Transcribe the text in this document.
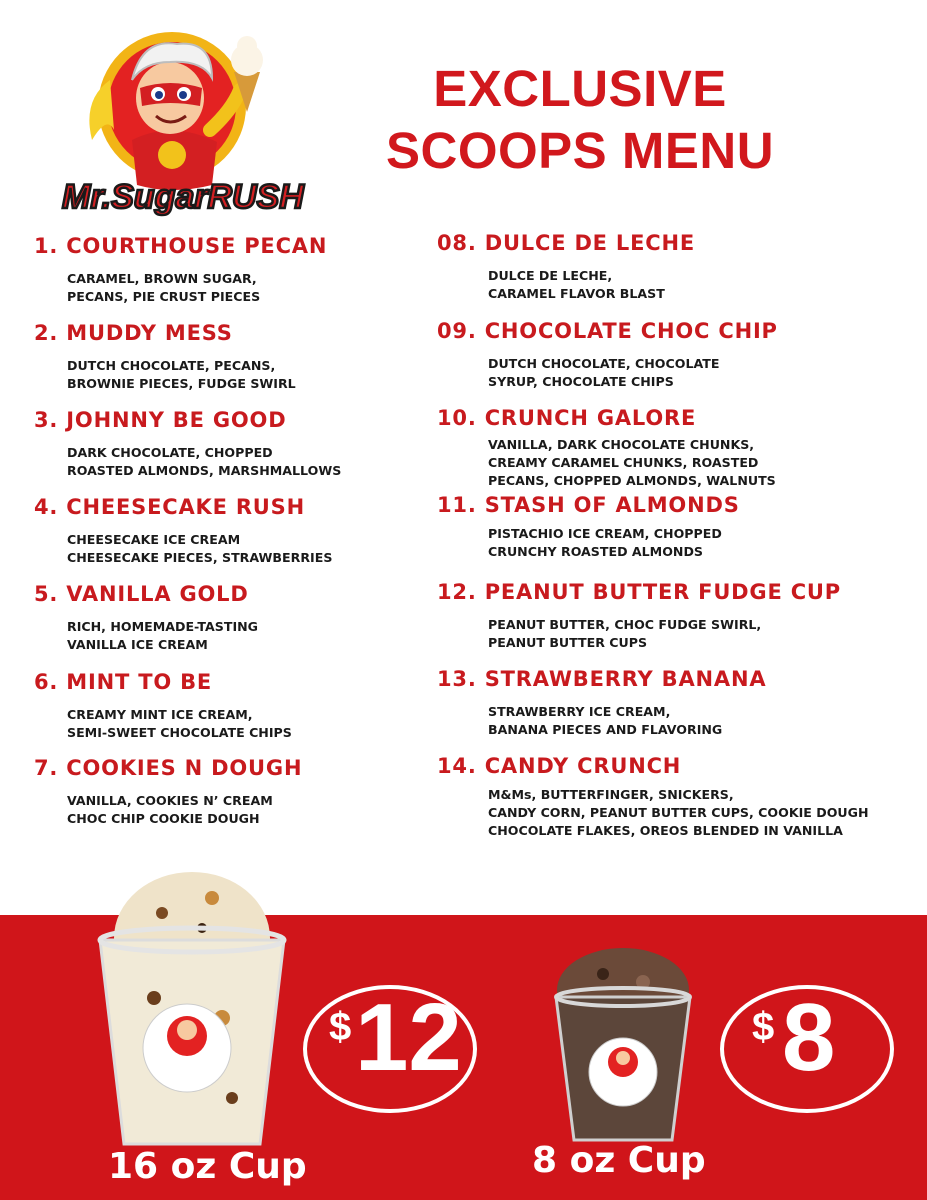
Mr.SugarRUSH
EXCLUSIVE
SCOOPS MENU
1. COURTHOUSE PECAN
CARAMEL, BROWN SUGAR,
PECANS, PIE CRUST PIECES
2. MUDDY MESS
DUTCH CHOCOLATE, PECANS,
BROWNIE PIECES, FUDGE SWIRL
3. JOHNNY BE GOOD
DARK CHOCOLATE, CHOPPED
ROASTED ALMONDS, MARSHMALLOWS
4. CHEESECAKE RUSH
CHEESECAKE ICE CREAM
CHEESECAKE PIECES, STRAWBERRIES
5. VANILLA GOLD
RICH, HOMEMADE-TASTING
VANILLA ICE CREAM
6. MINT TO BE
CREAMY MINT ICE CREAM,
SEMI-SWEET CHOCOLATE CHIPS
7. COOKIES N DOUGH
VANILLA, COOKIES N’ CREAM
CHOC CHIP COOKIE DOUGH
08. DULCE DE LECHE
DULCE DE LECHE,
CARAMEL FLAVOR BLAST
09. CHOCOLATE CHOC CHIP
DUTCH CHOCOLATE, CHOCOLATE
SYRUP, CHOCOLATE CHIPS
10. CRUNCH GALORE
VANILLA, DARK CHOCOLATE CHUNKS,
CREAMY CARAMEL CHUNKS, ROASTED
PECANS, CHOPPED ALMONDS, WALNUTS
11. STASH OF ALMONDS
PISTACHIO ICE CREAM, CHOPPED
CRUNCHY ROASTED ALMONDS
12. PEANUT BUTTER FUDGE CUP
PEANUT BUTTER, CHOC FUDGE SWIRL,
PEANUT BUTTER CUPS
13. STRAWBERRY BANANA
STRAWBERRY ICE CREAM,
BANANA PIECES AND FLAVORING
14. CANDY CRUNCH
M&Ms, BUTTERFINGER, SNICKERS,
CANDY CORN, PEANUT BUTTER CUPS, COOKIE DOUGH
CHOCOLATE FLAKES, OREOS BLENDED IN VANILLA
$ 12
16 oz Cup
$ 8
8 oz Cup
